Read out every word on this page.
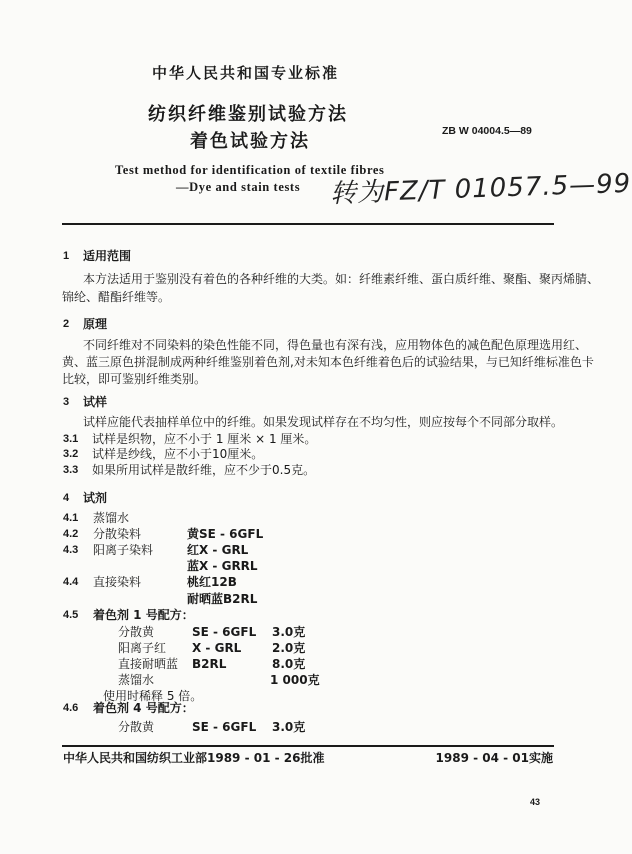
中华人民共和国专业标准
纺织纤维鉴别试验方法
着色试验方法	ZB W 04004.5—89
Test method for identification of textile fibres
—Dye and stain tests 转为FZ/T 01057.5—99
1 适用范围
本方法适用于鉴别没有着色的各种纤维的大类。如：纤维素纤维、蛋白质纤维、聚酯、聚丙烯腈、
锦纶、醋酯纤维等。
2 原理
不同纤维对不同染料的染色性能不同，得色量也有深有浅，应用物体色的减色配色原理选用红、
黄、蓝三原色拼混制成两种纤维鉴别着色剂,对未知本色纤维着色后的试验结果，与已知纤维标准色卡
比较，即可鉴别纤维类别。
3 试样
试样应能代表抽样单位中的纤维。如果发现试样存在不均匀性，则应按每个不同部分取样。
3.1 试样是织物，应不小于 1 厘米 × 1 厘米。
3.2 试样是纱线，应不小于10厘米。
3.3 如果所用试样是散纤维，应不少于0.5克。
4 试剂
4.1 蒸馏水
4.2 分散染料	黄SE - 6GFL
4.3 阳离子染料	红X - GRL
蓝X - GRRL
4.4 直接染料	桃红12B
耐晒蓝B2RL
4.5 着色剂 1 号配方：
分散黄	SE - 6GFL 3.0克
阳离子红 X - GRL	2.0克
直接耐晒蓝 B2RL	8.0克
蒸馏水	1 000克
使用时稀释 5 倍。
4.6 着色剂 4 号配方：
分散黄	SE - 6GFL 3.0克
中华人民共和国纺织工业部1989 - 01 - 26批准	1989 - 04 - 01实施
43
